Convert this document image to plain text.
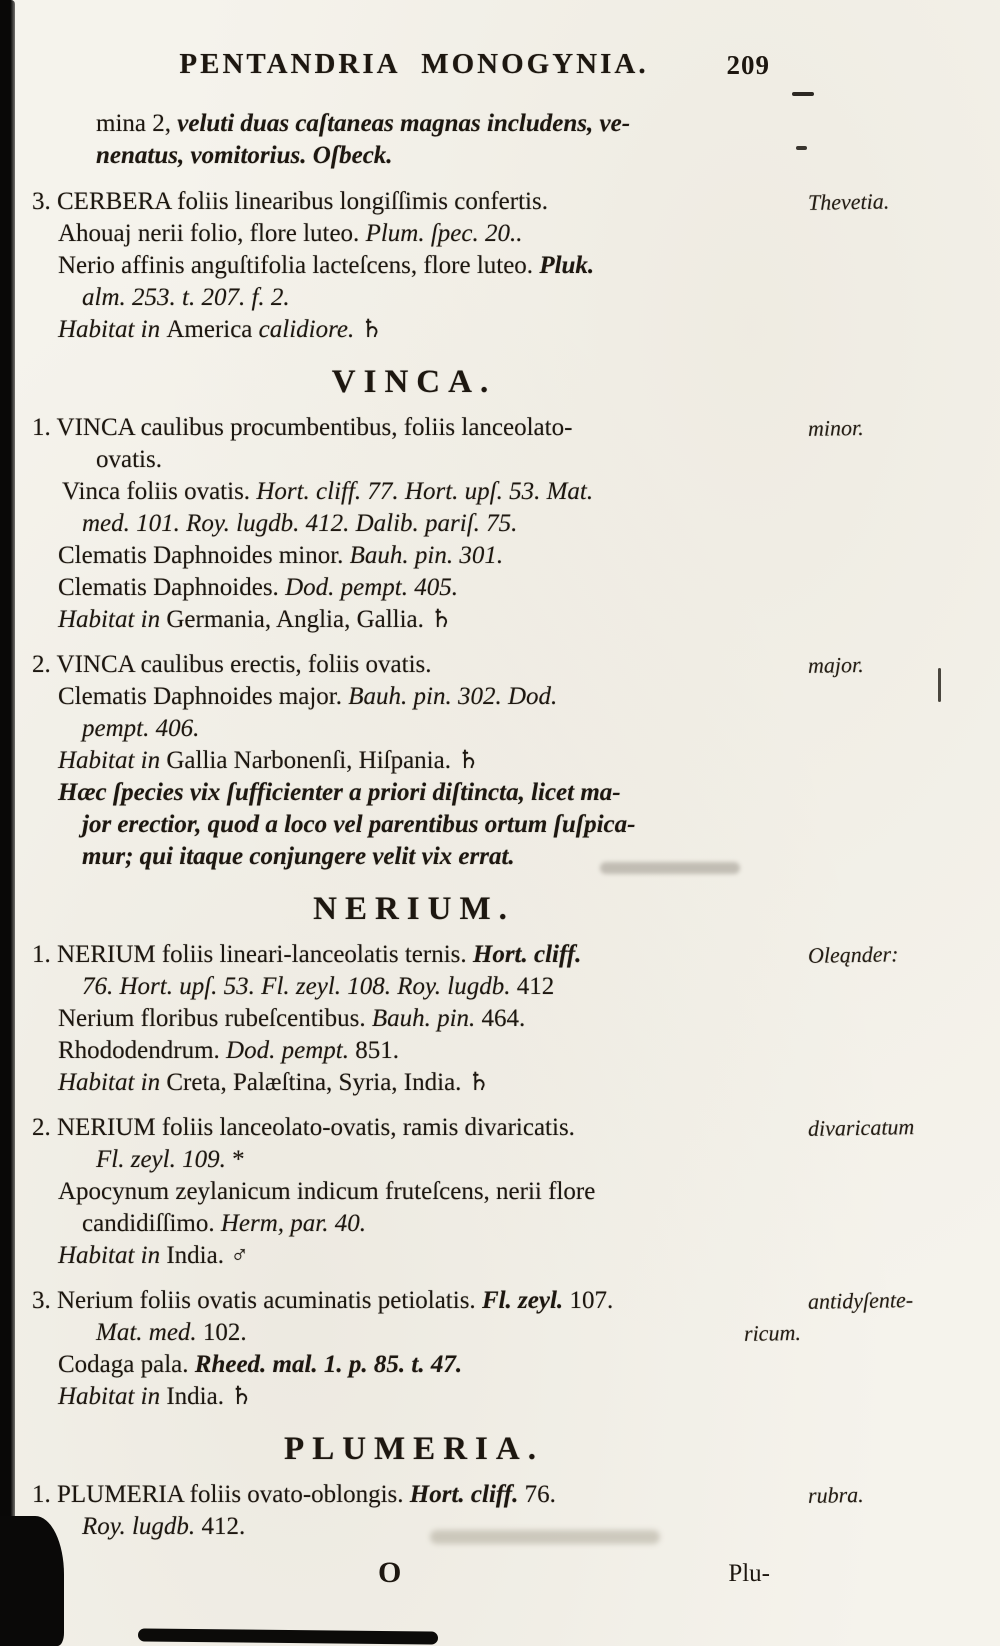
PENTANDRIA MONOGYNIA.	209
mina 2, veluti duas caſtaneas magnas includens, ve-
nenatus, vomitorius. Oſbeck.
3. CERBERA foliis linearibus longiſſimis confertis.	Thevetia.
Ahouaj nerii folio, flore luteo. Plum. ſpec. 20..
Nerio affinis anguſtifolia lacteſcens, flore luteo. Pluk.
alm. 253. t. 207. f. 2.
Habitat in America calidiore. ♄
VINCA.
1. VINCA caulibus procumbentibus, foliis lanceolato-	minor.
ovatis.
Vinca foliis ovatis. Hort. cliff. 77. Hort. upſ. 53. Mat.
med. 101. Roy. lugdb. 412. Dalib. pariſ. 75.
Clematis Daphnoides minor. Bauh. pin. 301.
Clematis Daphnoides. Dod. pempt. 405.
Habitat in Germania, Anglia, Gallia. ♄
2. VINCA caulibus erectis, foliis ovatis.	major.
Clematis Daphnoides major. Bauh. pin. 302. Dod.
pempt. 406.
Habitat in Gallia Narbonenſi, Hiſpania. ♄
Hæc ſpecies vix ſufficienter a priori diſtincta, licet ma-
jor erectior, quod a loco vel parentibus ortum ſuſpica-
mur; qui itaque conjungere velit vix errat.
NERIUM.
1. NERIUM foliis lineari-lanceolatis ternis. Hort. cliff.	Oleąnder:
76. Hort. upſ. 53. Fl. zeyl. 108. Roy. lugdb. 412
Nerium floribus rubeſcentibus. Bauh. pin. 464.
Rhododendrum. Dod. pempt. 851.
Habitat in Creta, Palæſtina, Syria, India. ♄
2. NERIUM foliis lanceolato-ovatis, ramis divaricatis.	divaricatum
Fl. zeyl. 109. *
Apocynum zeylanicum indicum fruteſcens, nerii flore
candidiſſimo. Herm, par. 40.
Habitat in India. ♂
3. Nerium foliis ovatis acuminatis petiolatis. Fl. zeyl. 107.	antidyſente-
Mat. med. 102.	ricum.
Codaga pala. Rheed. mal. 1. p. 85. t. 47.
Habitat in India. ♄
PLUMERIA.
1. PLUMERIA foliis ovato-oblongis. Hort. cliff. 76.	rubra.
Roy. lugdb. 412.
O	Plu-
